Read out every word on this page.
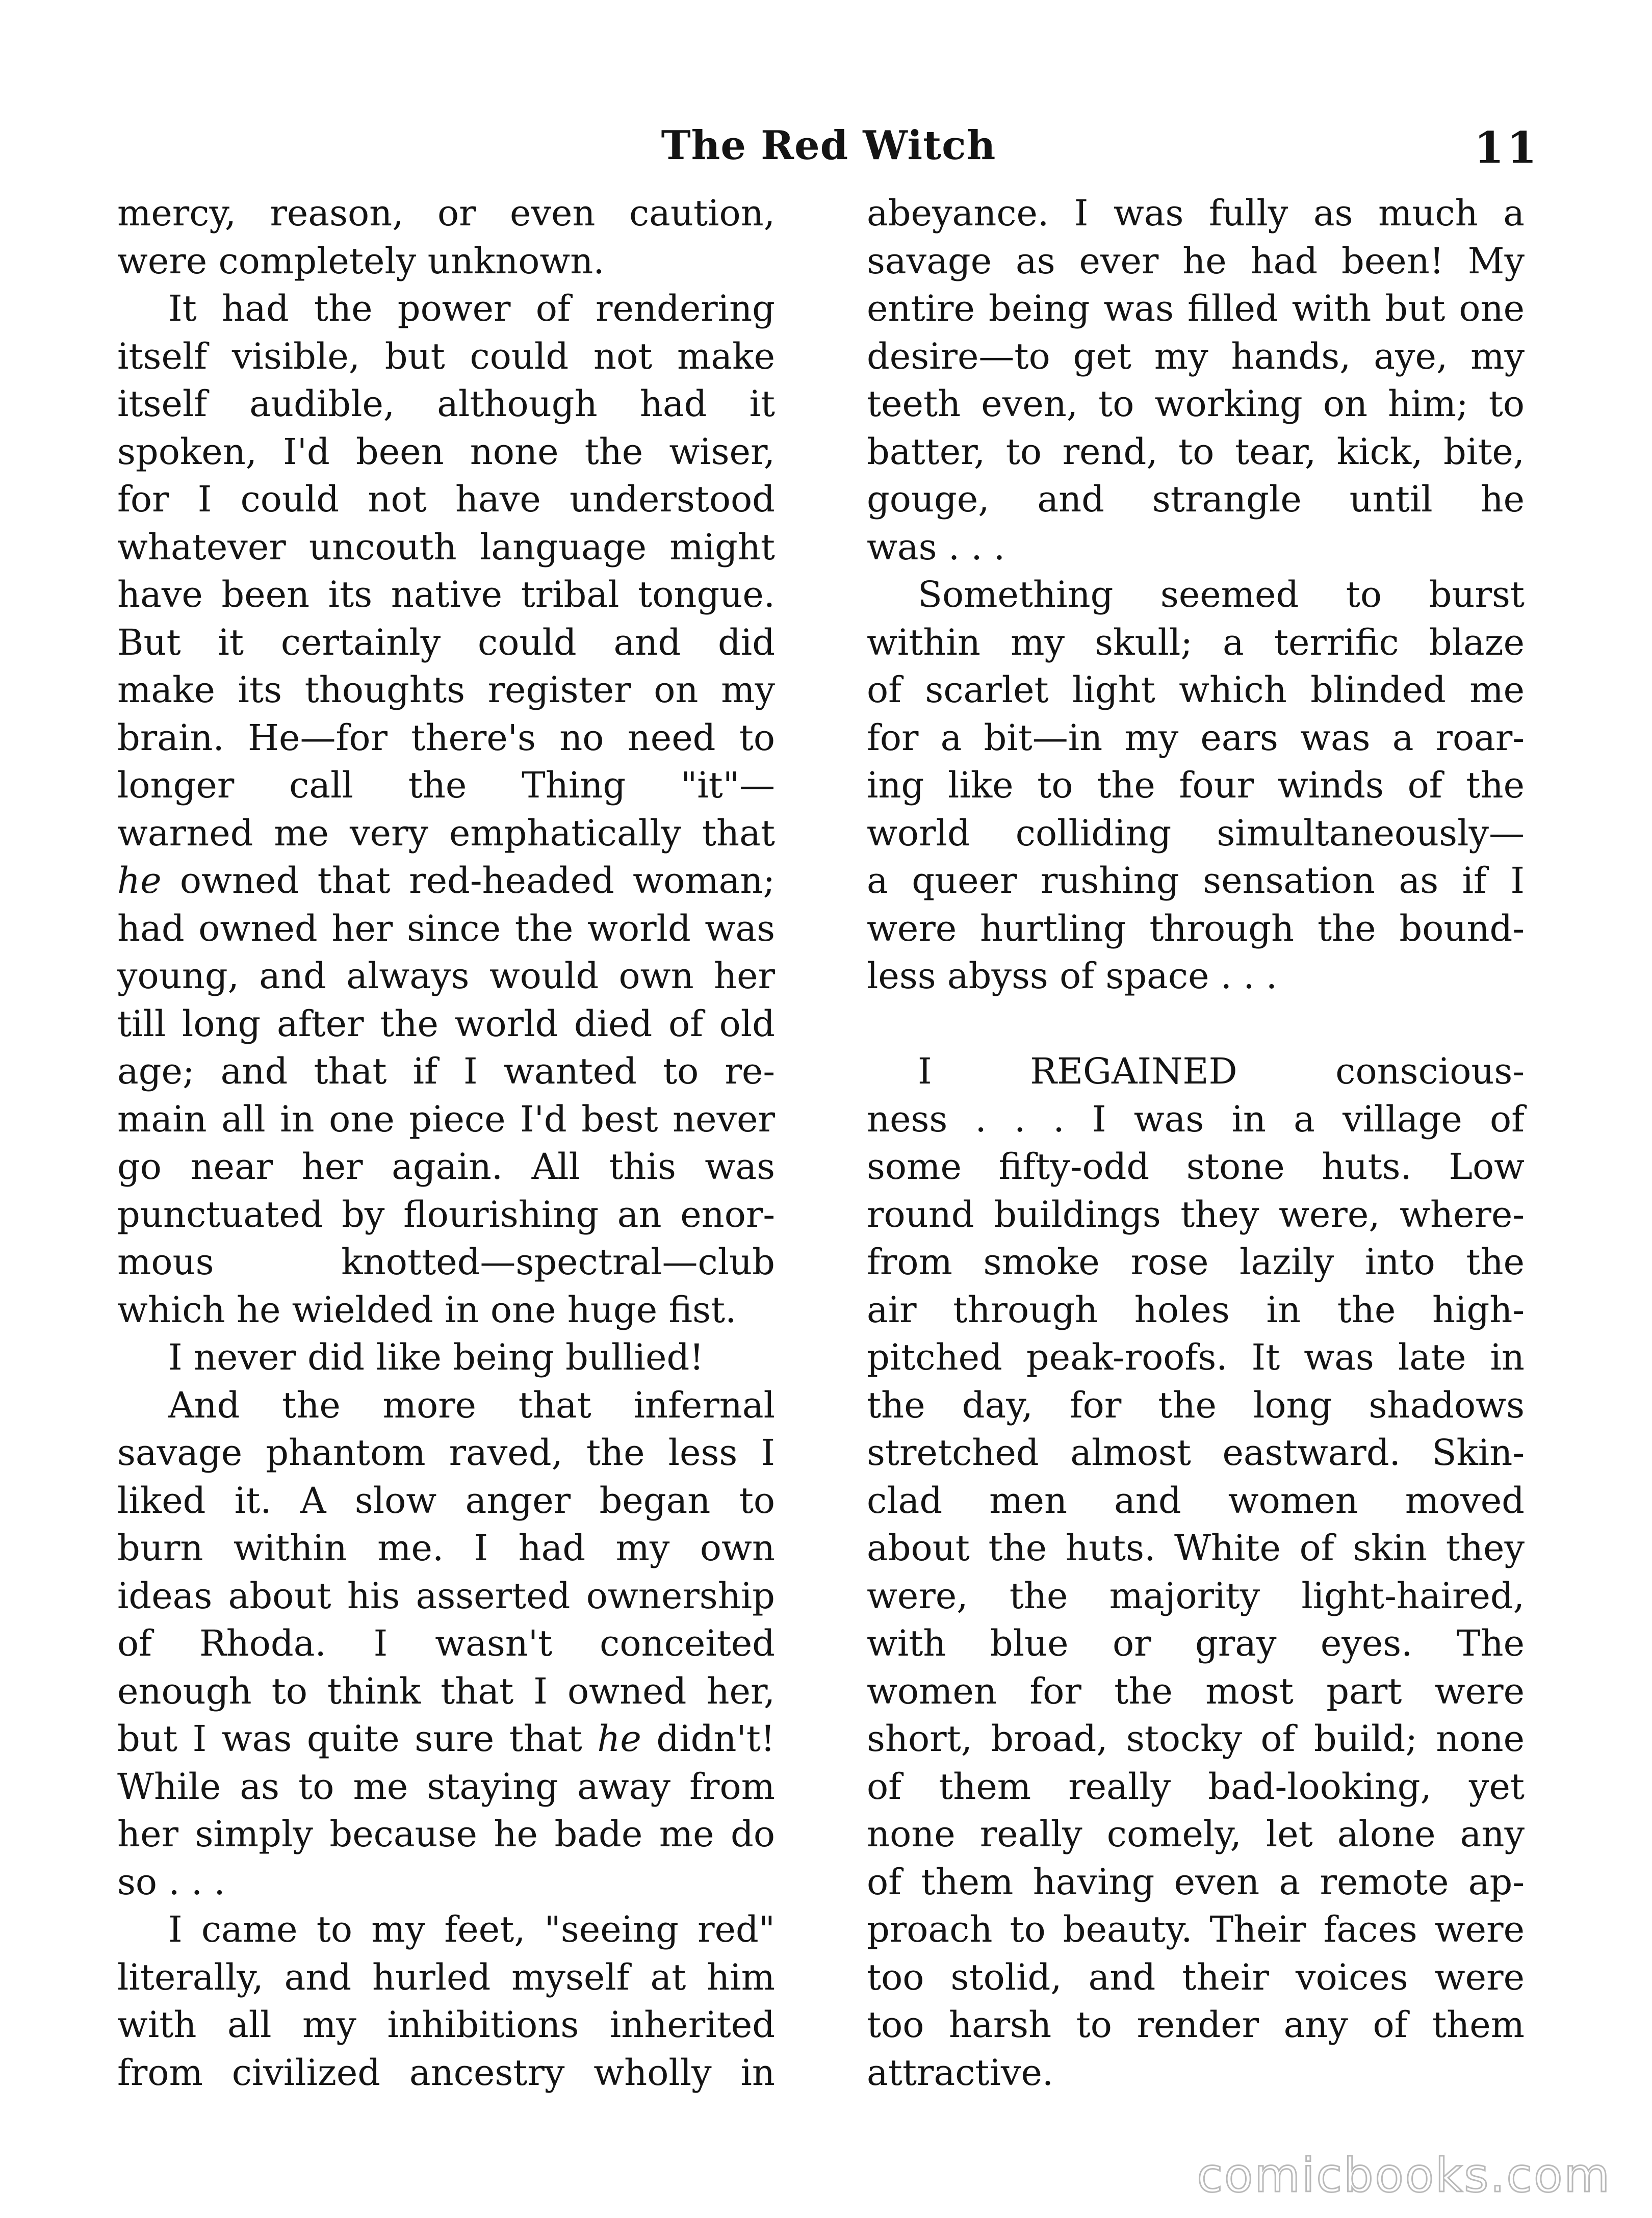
The Red Witch	11
mercy, reason, or even caution,
were completely unknown.
It had the power of rendering
itself visible, but could not make
itself audible, although had it
spoken, I'd been none the wiser,
for I could not have understood
whatever uncouth language might
have been its native tribal tongue.
But it certainly could and did
make its thoughts register on my
brain. He—for there's no need to
longer call the Thing "it"—
warned me very emphatically that
he owned that red-headed woman;
had owned her since the world was
young, and always would own her
till long after the world died of old
age; and that if I wanted to re-
main all in one piece I'd best never
go near her again. All this was
punctuated by flourishing an enor-
mous knotted—spectral—club
which he wielded in one huge fist.
I never did like being bullied!
And the more that infernal
savage phantom raved, the less I
liked it. A slow anger began to
burn within me. I had my own
ideas about his asserted ownership
of Rhoda. I wasn't conceited
enough to think that I owned her,
but I was quite sure that he didn't!
While as to me staying away from
her simply because he bade me do
so . . .
I came to my feet, "seeing red"
literally, and hurled myself at him
with all my inhibitions inherited
from civilized ancestry wholly in
abeyance. I was fully as much a
savage as ever he had been! My
entire being was filled with but one
desire—to get my hands, aye, my
teeth even, to working on him; to
batter, to rend, to tear, kick, bite,
gouge, and strangle until he
was . . .
Something seemed to burst
within my skull; a terrific blaze
of scarlet light which blinded me
for a bit—in my ears was a roar-
ing like to the four winds of the
world colliding simultaneously—
a queer rushing sensation as if I
were hurtling through the bound-
less abyss of space . . .
I REGAINED conscious-
ness . . . I was in a village of
some fifty-odd stone huts. Low
round buildings they were, where-
from smoke rose lazily into the
air through holes in the high-
pitched peak-roofs. It was late in
the day, for the long shadows
stretched almost eastward. Skin-
clad men and women moved
about the huts. White of skin they
were, the majority light-haired,
with blue or gray eyes. The
women for the most part were
short, broad, stocky of build; none
of them really bad-looking, yet
none really comely, let alone any
of them having even a remote ap-
proach to beauty. Their faces were
too stolid, and their voices were
too harsh to render any of them
attractive.
comicbooks.com
